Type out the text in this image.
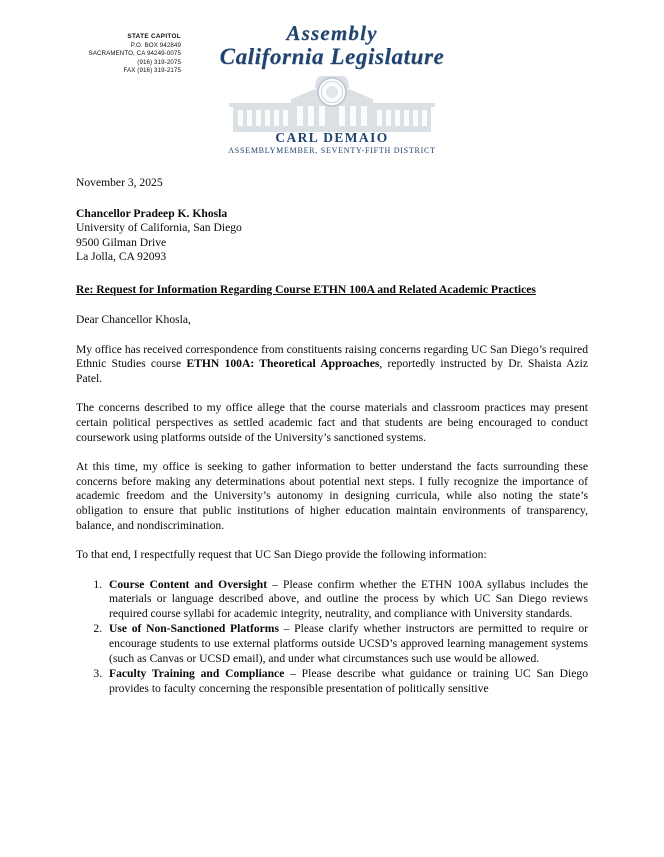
STATE CAPITOL
P.O. BOX 942849
SACRAMENTO, CA 94249-0075
(916) 319-2075
FAX (916) 319-2175
Assembly
California Legislature
CARL DEMAIO
ASSEMBLYMEMBER, SEVENTY-FIFTH DISTRICT
November 3, 2025
Chancellor Pradeep K. Khosla
University of California, San Diego
9500 Gilman Drive
La Jolla, CA 92093
Re: Request for Information Regarding Course ETHN 100A and Related Academic Practices
Dear Chancellor Khosla,

My office has received correspondence from constituents raising concerns regarding UC San Diego’s required Ethnic Studies course ETHN 100A: Theoretical Approaches, reportedly instructed by Dr. Shaista Aziz Patel.

The concerns described to my office allege that the course materials and classroom practices may present certain political perspectives as settled academic fact and that students are being encouraged to conduct coursework using platforms outside of the University’s sanctioned systems.

At this time, my office is seeking to gather information to better understand the facts surrounding these concerns before making any determinations about potential next steps. I fully recognize the importance of academic freedom and the University’s autonomy in designing curricula, while also noting the state’s obligation to ensure that public institutions of higher education maintain environments of transparency, balance, and nondiscrimination.

To that end, I respectfully request that UC San Diego provide the following information:

1. Course Content and Oversight – Please confirm whether the ETHN 100A syllabus includes the materials or language described above, and outline the process by which UC San Diego reviews required course syllabi for academic integrity, neutrality, and compliance with University standards.
2. Use of Non-Sanctioned Platforms – Please clarify whether instructors are permitted to require or encourage students to use external platforms outside UCSD’s approved learning management systems (such as Canvas or UCSD email), and under what circumstances such use would be allowed.
3. Faculty Training and Compliance – Please describe what guidance or training UC San Diego provides to faculty concerning the responsible presentation of politically sensitive
